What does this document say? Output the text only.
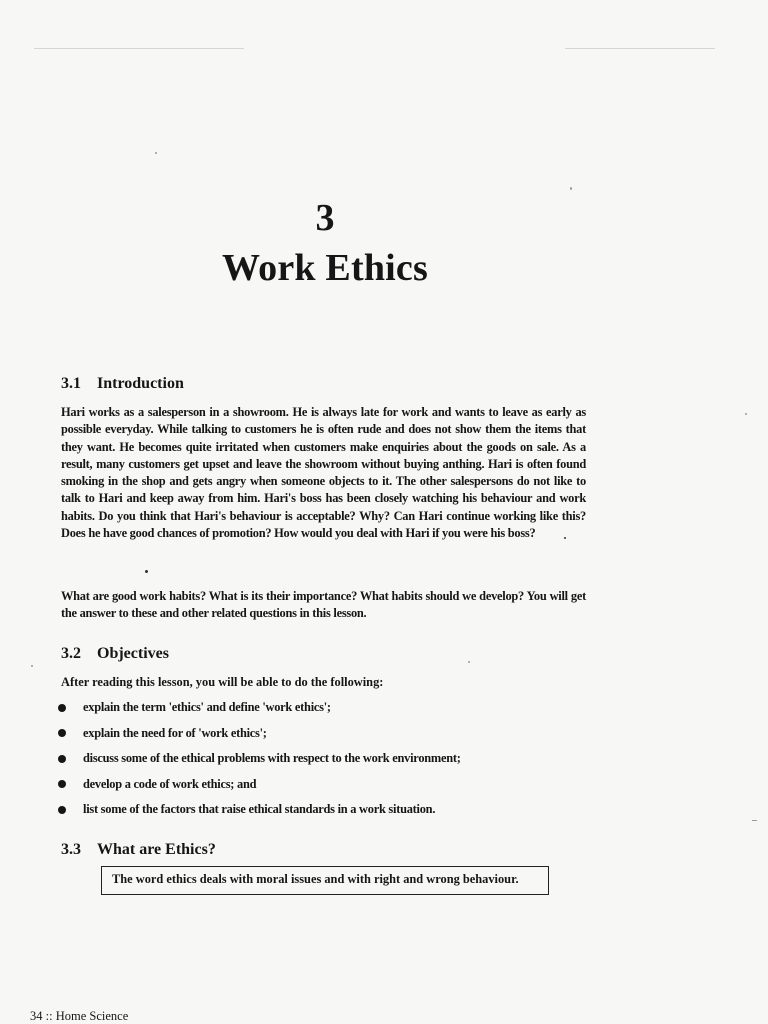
3
Work Ethics
3.1 Introduction
Hari works as a salesperson in a showroom. He is always late for work and wants to leave as early as possible everyday. While talking to customers he is often rude and does not show them the items that they want. He becomes quite irritated when customers make enquiries about the goods on sale. As a result, many customers get upset and leave the showroom without buying anthing. Hari is often found smoking in the shop and gets angry when someone objects to it. The other salespersons do not like to talk to Hari and keep away from him. Hari's boss has been closely watching his behaviour and work habits. Do you think that Hari's behaviour is acceptable? Why? Can Hari continue working like this? Does he have good chances of promotion? How would you deal with Hari if you were his boss?
What are good work habits? What is its their importance? What habits should we develop? You will get the answer to these and other related questions in this lesson.
3.2 Objectives
After reading this lesson, you will be able to do the following:
explain the term 'ethics' and define 'work ethics';
explain the need for of 'work ethics';
discuss some of the ethical problems with respect to the work environment;
develop a code of work ethics; and
list some of the factors that raise ethical standards in a work situation.
3.3 What are Ethics?
The word ethics deals with moral issues and with right and wrong behaviour.
34 :: Home Science
